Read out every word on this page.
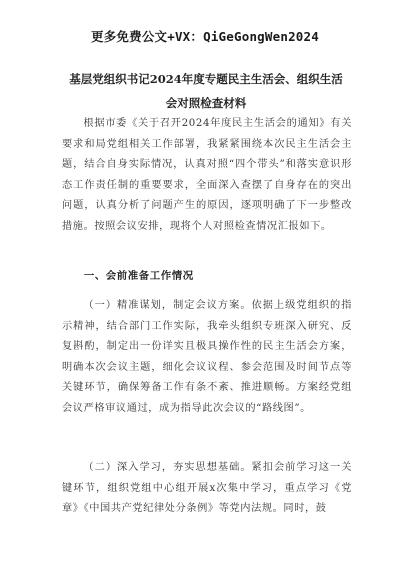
更多免费公文+VX：QiGeGongWen2024
基层党组织书记2024年度专题民主生活会、组织生活会对照检查材料
根据市委《关于召开2024年度民主生活会的通知》有关要求和局党组相关工作部署，我紧紧围绕本次民主生活会主题，结合自身实际情况，认真对照“四个带头”和落实意识形态工作责任制的重要要求，全面深入查摆了自身存在的突出问题，认真分析了问题产生的原因，逐项明确了下一步整改措施。按照会议安排，现将个人对照检查情况汇报如下。
一、会前准备工作情况
（一）精准谋划，制定会议方案。依据上级党组织的指示精神，结合部门工作实际，我牵头组织专班深入研究、反复斟酌，制定出一份详实且极具操作性的民主生活会方案，明确本次会议主题，细化会议议程、参会范围及时间节点等关键环节，确保筹备工作有条不紊、推进顺畅。方案经党组会议严格审议通过，成为指导此次会议的“路线图”。
（二）深入学习，夯实思想基础。紧扣会前学习这一关键环节，组织党组中心组开展x次集中学习，重点学习《党章》《中国共产党纪律处分条例》等党内法规。同时，鼓
